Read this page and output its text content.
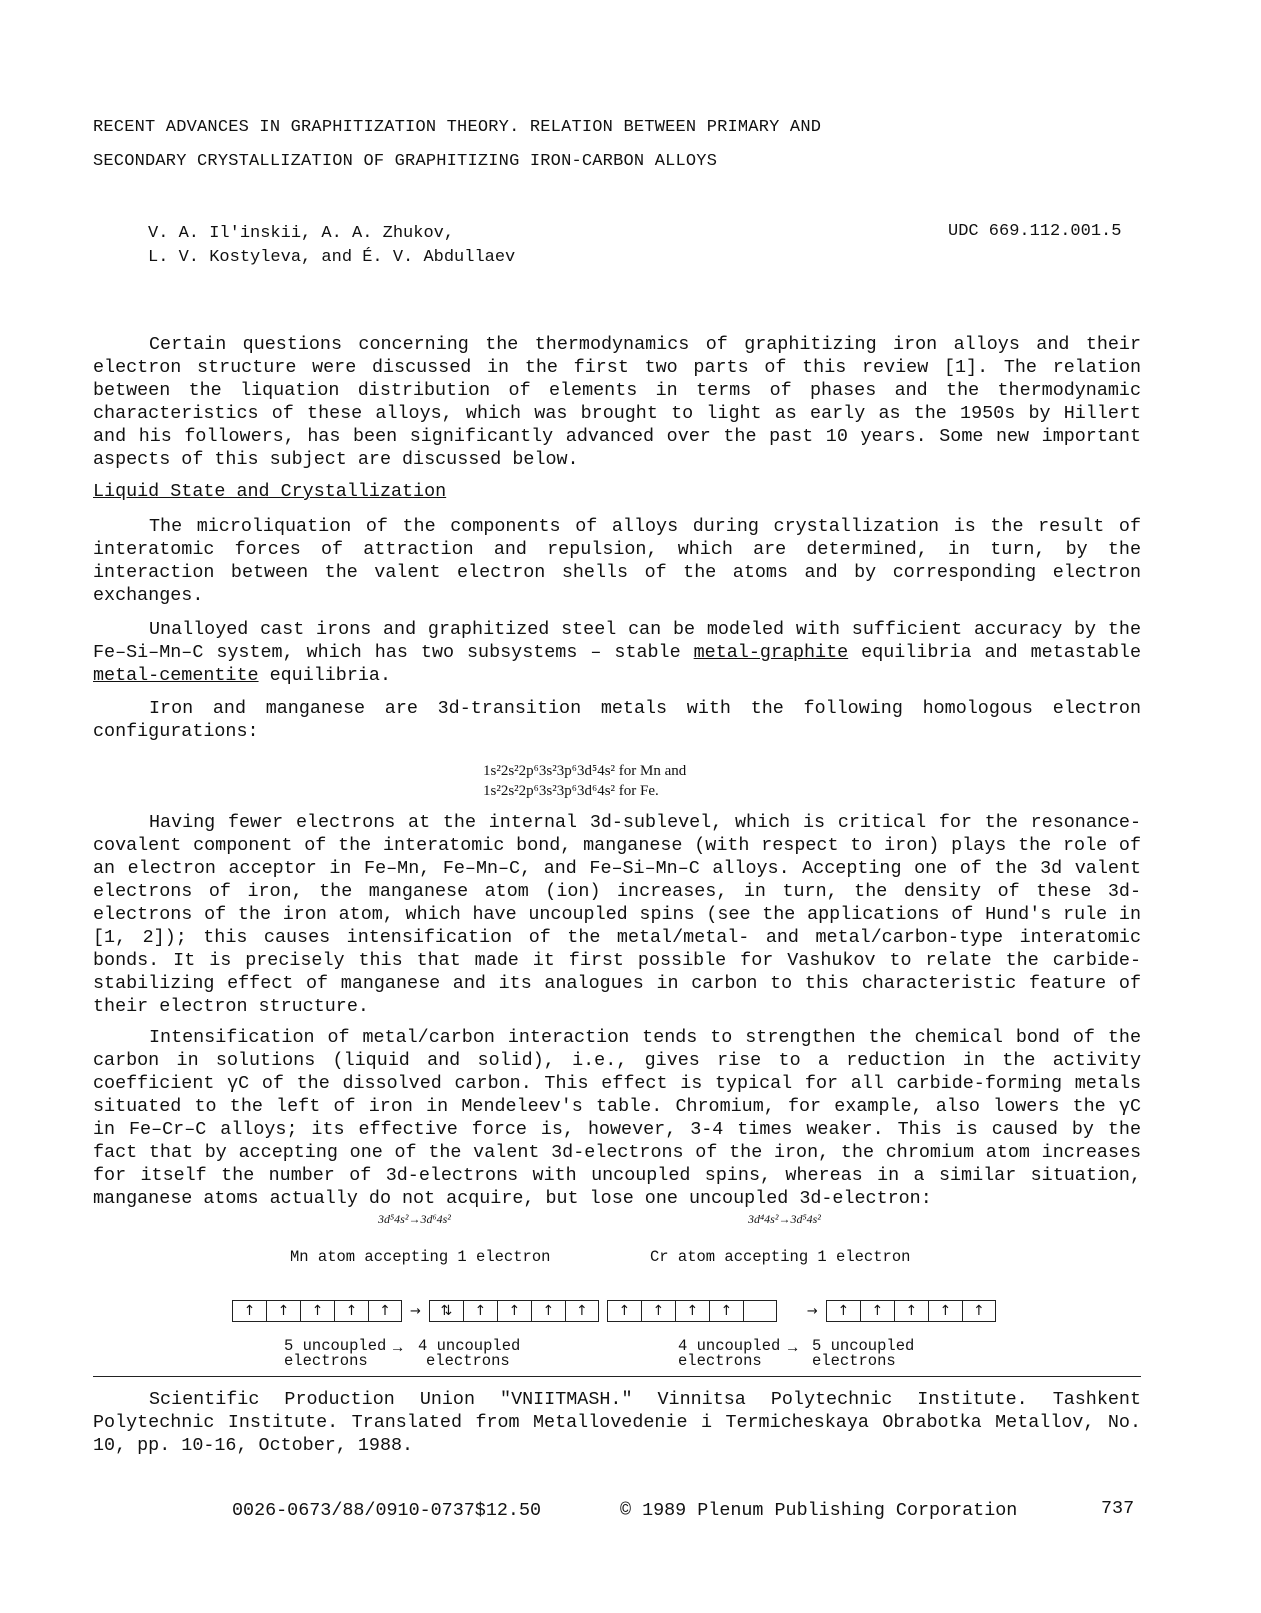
RECENT ADVANCES IN GRAPHITIZATION THEORY. RELATION BETWEEN PRIMARY AND
SECONDARY CRYSTALLIZATION OF GRAPHITIZING IRON-CARBON ALLOYS
V. A. Il'inskii, A. A. Zhukov,
L. V. Kostyleva, and É. V. Abdullaev
UDC 669.112.001.5

Certain questions concerning the thermodynamics of graphitizing iron alloys and their electron structure were discussed in the first two parts of this review [1]. The relation between the liquation distribution of elements in terms of phases and the thermodynamic characteristics of these alloys, which was brought to light as early as the 1950s by Hillert and his followers, has been significantly advanced over the past 10 years. Some new important aspects of this subject are discussed below.

Liquid State and Crystallization

The microliquation of the components of alloys during crystallization is the result of interatomic forces of attraction and repulsion, which are determined, in turn, by the interaction between the valent electron shells of the atoms and by corresponding electron exchanges.

Unalloyed cast irons and graphitized steel can be modeled with sufficient accuracy by the Fe–Si–Mn–C system, which has two subsystems – stable metal-graphite equilibria and metastable metal-cementite equilibria.

Iron and manganese are 3d-transition metals with the following homologous electron configurations:

1s²2s²2p⁶3s²3p⁶3d⁵4s² for Mn and
1s²2s²2p⁶3s²3p⁶3d⁶4s² for Fe.

Having fewer electrons at the internal 3d-sublevel, which is critical for the resonance-covalent component of the interatomic bond, manganese (with respect to iron) plays the role of an electron acceptor in Fe–Mn, Fe–Mn–C, and Fe–Si–Mn–C alloys. Accepting one of the 3d valent electrons of iron, the manganese atom (ion) increases, in turn, the density of these 3d-electrons of the iron atom, which have uncoupled spins (see the applications of Hund's rule in [1, 2]); this causes intensification of the metal/metal- and metal/carbon-type interatomic bonds. It is precisely this that made it first possible for Vashukov to relate the carbide-stabilizing effect of manganese and its analogues in carbon to this characteristic feature of their electron structure.

Intensification of metal/carbon interaction tends to strengthen the chemical bond of the carbon in solutions (liquid and solid), i.e., gives rise to a reduction in the activity coefficient γC of the dissolved carbon. This effect is typical for all carbide-forming metals situated to the left of iron in Mendeleev's table. Chromium, for example, also lowers the γC in Fe–Cr–C alloys; its effective force is, however, 3-4 times weaker. This is caused by the fact that by accepting one of the valent 3d-electrons of the iron, the chromium atom increases for itself the number of 3d-electrons with uncoupled spins, whereas in a similar situation, manganese atoms actually do not acquire, but lose one uncoupled 3d-electron:

3d⁵4s²→3d⁶4s²	3d⁴4s²→3d⁵4s²
Mn atom accepting 1 electron	Cr atom accepting 1 electron
↑	↑	↑	↑	↑	→	⇅	↑	↑	↑	↑	↑	↑	↑	↑	→	↑	↑	↑	↑	↑
5 uncoupled
electrons
→ 4 uncoupled
electrons
4 uncoupled
electrons
→ 5 uncoupled
electrons
Scientific Production Union "VNIITMASH." Vinnitsa Polytechnic Institute. Tashkent Polytechnic Institute. Translated from Metallovedenie i Termicheskaya Obrabotka Metallov, No. 10, pp. 10-16, October, 1988.
0026-0673/88/0910-0737$12.50	© 1989 Plenum Publishing Corporation	737
